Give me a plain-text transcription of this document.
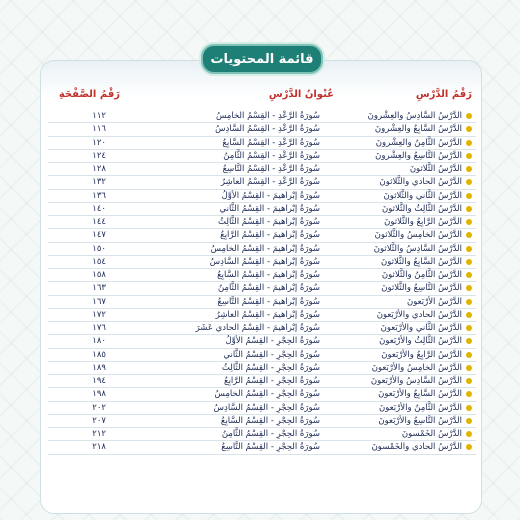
قائمة المحتويات
رَقْمُ الدَّرْسِ
عُنْوانُ الدَّرْسِ
رَقْمُ الصَّفْحَةِ
الدَّرْسُ السَّادِسُ والعِشْرونَ
سُورَةُ الرَّعْدِ - القِسْمُ الخامِسُ
١١٢
الدَّرْسُ السَّابِعُ والعِشْرونَ
سُورَةُ الرَّعْدِ - القِسْمُ السَّادِسُ
١١٦
الدَّرْسُ الثَّامِنُ والعِشْرونَ
سُورَةُ الرَّعْدِ - القِسْمُ السَّابِعُ
١٢٠
الدَّرْسُ التَّاسِعُ والعِشْرونَ
سُورَةُ الرَّعْدِ - القِسْمُ الثَّامِنُ
١٢٤
الدَّرْسُ الثَّلاثونَ
سُورَةُ الرَّعْدِ - القِسْمُ التَّاسِعُ
١٢٨
الدَّرْسُ الحادي والثَّلاثونَ
سُورَةُ الرَّعْدِ - القِسْمُ العاشِرُ
١٣٢
الدَّرْسُ الثَّاني والثَّلاثونَ
سُورَةُ إبْراهيمَ - القِسْمُ الأوَّلُ
١٣٦
الدَّرْسُ الثَّالِثُ والثَّلاثونَ
سُورَةُ إبْراهيمَ - القِسْمُ الثَّاني
١٤٠
الدَّرْسُ الرَّابِعُ والثَّلاثونَ
سُورَةُ إبْراهيمَ - القِسْمُ الثَّالِثُ
١٤٤
الدَّرْسُ الخامِسُ والثَّلاثونَ
سُورَةُ إبْراهيمَ - القِسْمُ الرَّابِعُ
١٤٧
الدَّرْسُ السَّادِسُ والثَّلاثونَ
سُورَةُ إبْراهيمَ - القِسْمُ الخامِسُ
١٥٠
الدَّرْسُ السَّابِعُ والثَّلاثونَ
سُورَةُ إبْراهيمَ - القِسْمُ السَّادِسُ
١٥٤
الدَّرْسُ الثَّامِنُ والثَّلاثونَ
سُورَةُ إبْراهيمَ - القِسْمُ السَّابِعُ
١٥٨
الدَّرْسُ التَّاسِعُ والثَّلاثونَ
سُورَةُ إبْراهيمَ - القِسْمُ الثَّامِنُ
١٦٣
الدَّرْسُ الأرْبَعونَ
سُورَةُ إبْراهيمَ - القِسْمُ التَّاسِعُ
١٦٧
الدَّرْسُ الحادي والأرْبَعونَ
سُورَةُ إبْراهيمَ - القِسْمُ العاشِرُ
١٧٢
الدَّرْسُ الثَّاني والأرْبَعونَ
سُورَةُ إبْراهيمَ - القِسْمُ الحادي عَشَرَ
١٧٦
الدَّرْسُ الثَّالِثُ والأرْبَعونَ
سُورَةُ الحِجْرِ - القِسْمُ الأوَّلُ
١٨٠
الدَّرْسُ الرَّابِعُ والأرْبَعونَ
سُورَةُ الحِجْرِ - القِسْمُ الثَّاني
١٨٥
الدَّرْسُ الخامِسُ والأرْبَعونَ
سُورَةُ الحِجْرِ - القِسْمُ الثَّالِثُ
١٨٩
الدَّرْسُ السَّادِسُ والأرْبَعونَ
سُورَةُ الحِجْرِ - القِسْمُ الرَّابِعُ
١٩٤
الدَّرْسُ السَّابِعُ والأرْبَعونَ
سُورَةُ الحِجْرِ - القِسْمُ الخامِسُ
١٩٨
الدَّرْسُ الثَّامِنُ والأرْبَعونَ
سُورَةُ الحِجْرِ - القِسْمُ السَّادِسُ
٢٠٢
الدَّرْسُ التَّاسِعُ والأرْبَعونَ
سُورَةُ الحِجْرِ - القِسْمُ السَّابِعُ
٢٠٧
الدَّرْسُ الخَمْسونَ
سُورَةُ الحِجْرِ - القِسْمُ الثَّامِنُ
٢١٢
الدَّرْسُ الحادي والخَمْسونَ
سُورَةُ الحِجْرِ - القِسْمُ التَّاسِعُ
٢١٨
